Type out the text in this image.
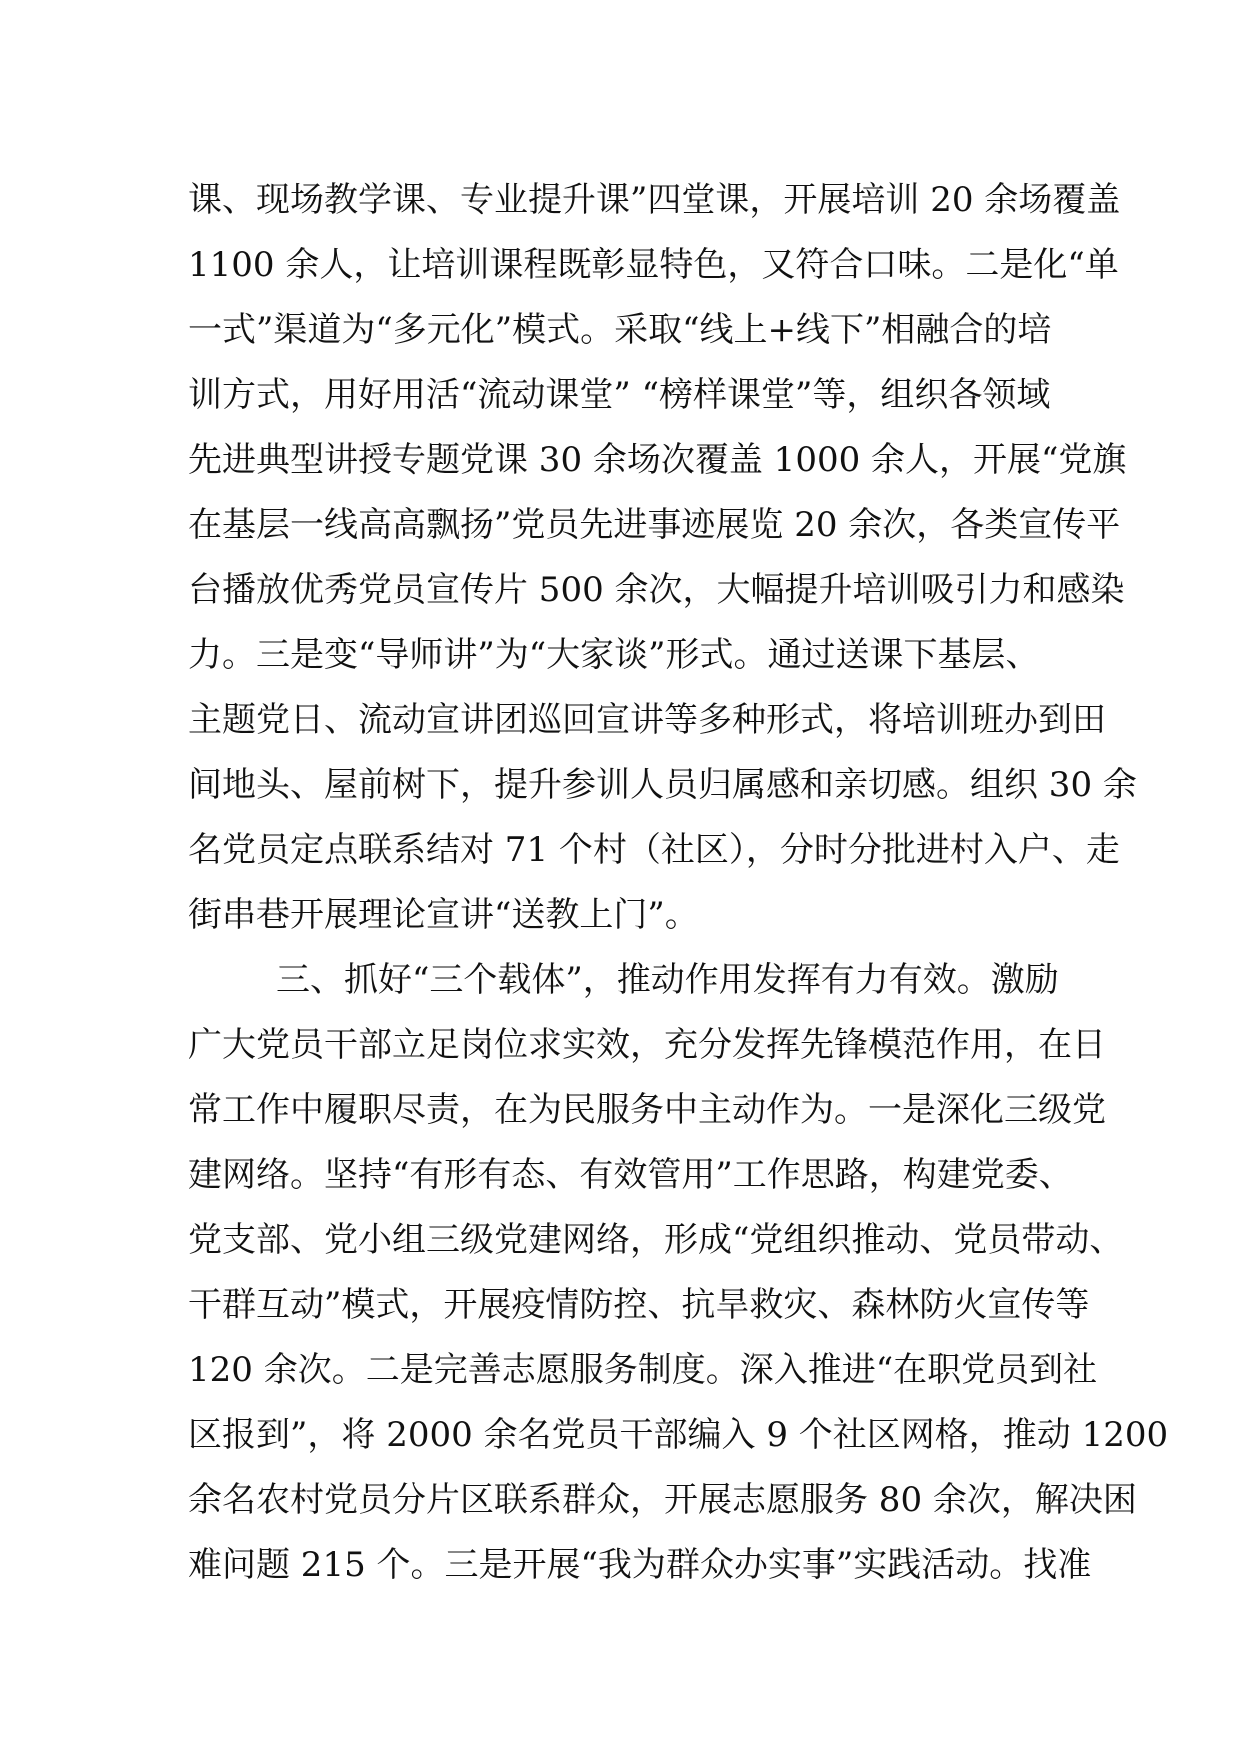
课、现场教学课、专业提升课”四堂课，开展培训 20 余场覆盖
1100 余人，让培训课程既彰显特色，又符合口味。二是化“单
一式”渠道为“多元化”模式。采取“线上+线下”相融合的培
训方式，用好用活“流动课堂” “榜样课堂”等，组织各领域
先进典型讲授专题党课 30 余场次覆盖 1000 余人，开展“党旗
在基层一线高高飘扬”党员先进事迹展览 20 余次，各类宣传平
台播放优秀党员宣传片 500 余次，大幅提升培训吸引力和感染
力。三是变“导师讲”为“大家谈”形式。通过送课下基层、
主题党日、流动宣讲团巡回宣讲等多种形式，将培训班办到田
间地头、屋前树下，提升参训人员归属感和亲切感。组织 30 余
名党员定点联系结对 71 个村（社区），分时分批进村入户、走
街串巷开展理论宣讲“送教上门”。
三、抓好“三个载体”，推动作用发挥有力有效。激励
广大党员干部立足岗位求实效，充分发挥先锋模范作用，在日
常工作中履职尽责，在为民服务中主动作为。一是深化三级党
建网络。坚持“有形有态、有效管用”工作思路，构建党委、
党支部、党小组三级党建网络，形成“党组织推动、党员带动、
干群互动”模式，开展疫情防控、抗旱救灾、森林防火宣传等
120 余次。二是完善志愿服务制度。深入推进“在职党员到社
区报到”，将 2000 余名党员干部编入 9 个社区网格，推动 1200
余名农村党员分片区联系群众，开展志愿服务 80 余次，解决困
难问题 215 个。三是开展“我为群众办实事”实践活动。找准
